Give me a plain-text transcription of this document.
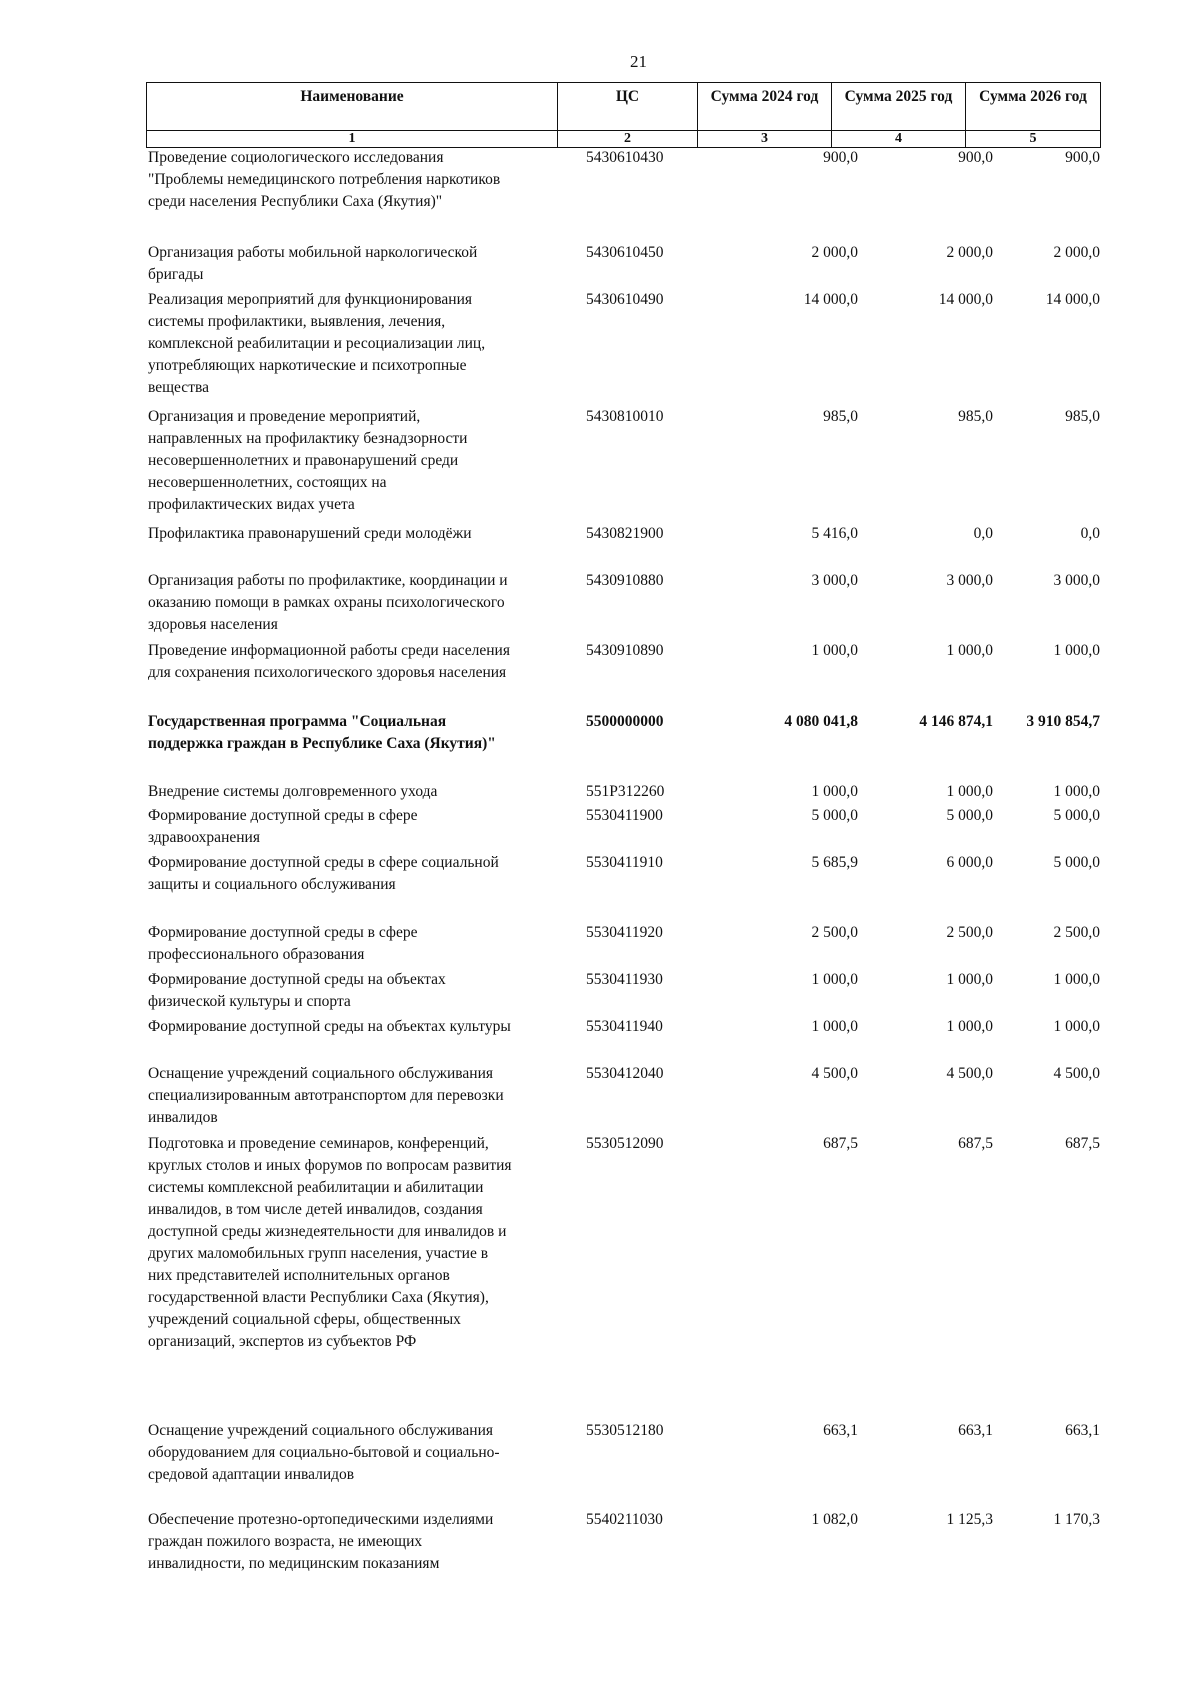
21
Наименование	ЦС	Сумма 2024 год	Сумма 2025 год	Сумма 2026 год
1	2	3	4	5
Проведение социологического исследования
"Проблемы немедицинского потребления наркотиков
среди населения Республики Саха (Якутия)"
5430610430	900,0	900,0	900,0
Организация работы мобильной наркологической
бригады
5430610450	2 000,0	2 000,0	2 000,0
Реализация мероприятий для функционирования
системы профилактики, выявления, лечения,
комплексной реабилитации и ресоциализации лиц,
употребляющих наркотические и психотропные
вещества
5430610490	14 000,0	14 000,0	14 000,0
Организация и проведение мероприятий,
направленных на профилактику безнадзорности
несовершеннолетних и правонарушений среди
несовершеннолетних, состоящих на
профилактических видах учета
5430810010	985,0	985,0	985,0
Профилактика правонарушений среди молодёжи	5430821900	5 416,0	0,0	0,0
Организация работы по профилактике, координации и
оказанию помощи в рамках охраны психологического
здоровья населения
5430910880	3 000,0	3 000,0	3 000,0
Проведение информационной работы среди населения
для сохранения психологического здоровья населения
5430910890	1 000,0	1 000,0	1 000,0
Государственная программа "Социальная
поддержка граждан в Республике Саха (Якутия)"
5500000000	4 080 041,8	4 146 874,1	3 910 854,7
Внедрение системы долговременного ухода	551P312260	1 000,0	1 000,0	1 000,0
Формирование доступной среды в сфере
здравоохранения
5530411900	5 000,0	5 000,0	5 000,0
Формирование доступной среды в сфере социальной
защиты и социального обслуживания
5530411910	5 685,9	6 000,0	5 000,0
Формирование доступной среды в сфере
профессионального образования
5530411920	2 500,0	2 500,0	2 500,0
Формирование доступной среды на объектах
физической культуры и спорта
5530411930	1 000,0	1 000,0	1 000,0
Формирование доступной среды на объектах культуры	5530411940	1 000,0	1 000,0	1 000,0
Оснащение учреждений социального обслуживания
специализированным автотранспортом для перевозки
инвалидов
5530412040	4 500,0	4 500,0	4 500,0
Подготовка и проведение семинаров, конференций,
круглых столов и иных форумов по вопросам развития
системы комплексной реабилитации и абилитации
инвалидов, в том числе детей инвалидов, создания
доступной среды жизнедеятельности для инвалидов и
других маломобильных групп населения, участие в
них представителей исполнительных органов
государственной власти Республики Саха (Якутия),
учреждений социальной сферы, общественных
организаций, экспертов из субъектов РФ
5530512090	687,5	687,5	687,5
Оснащение учреждений социального обслуживания
оборудованием для социально-бытовой и социально-
средовой адаптации инвалидов
5530512180	663,1	663,1	663,1
Обеспечение протезно-ортопедическими изделиями
граждан пожилого возраста, не имеющих
инвалидности, по медицинским показаниям
5540211030	1 082,0	1 125,3	1 170,3
